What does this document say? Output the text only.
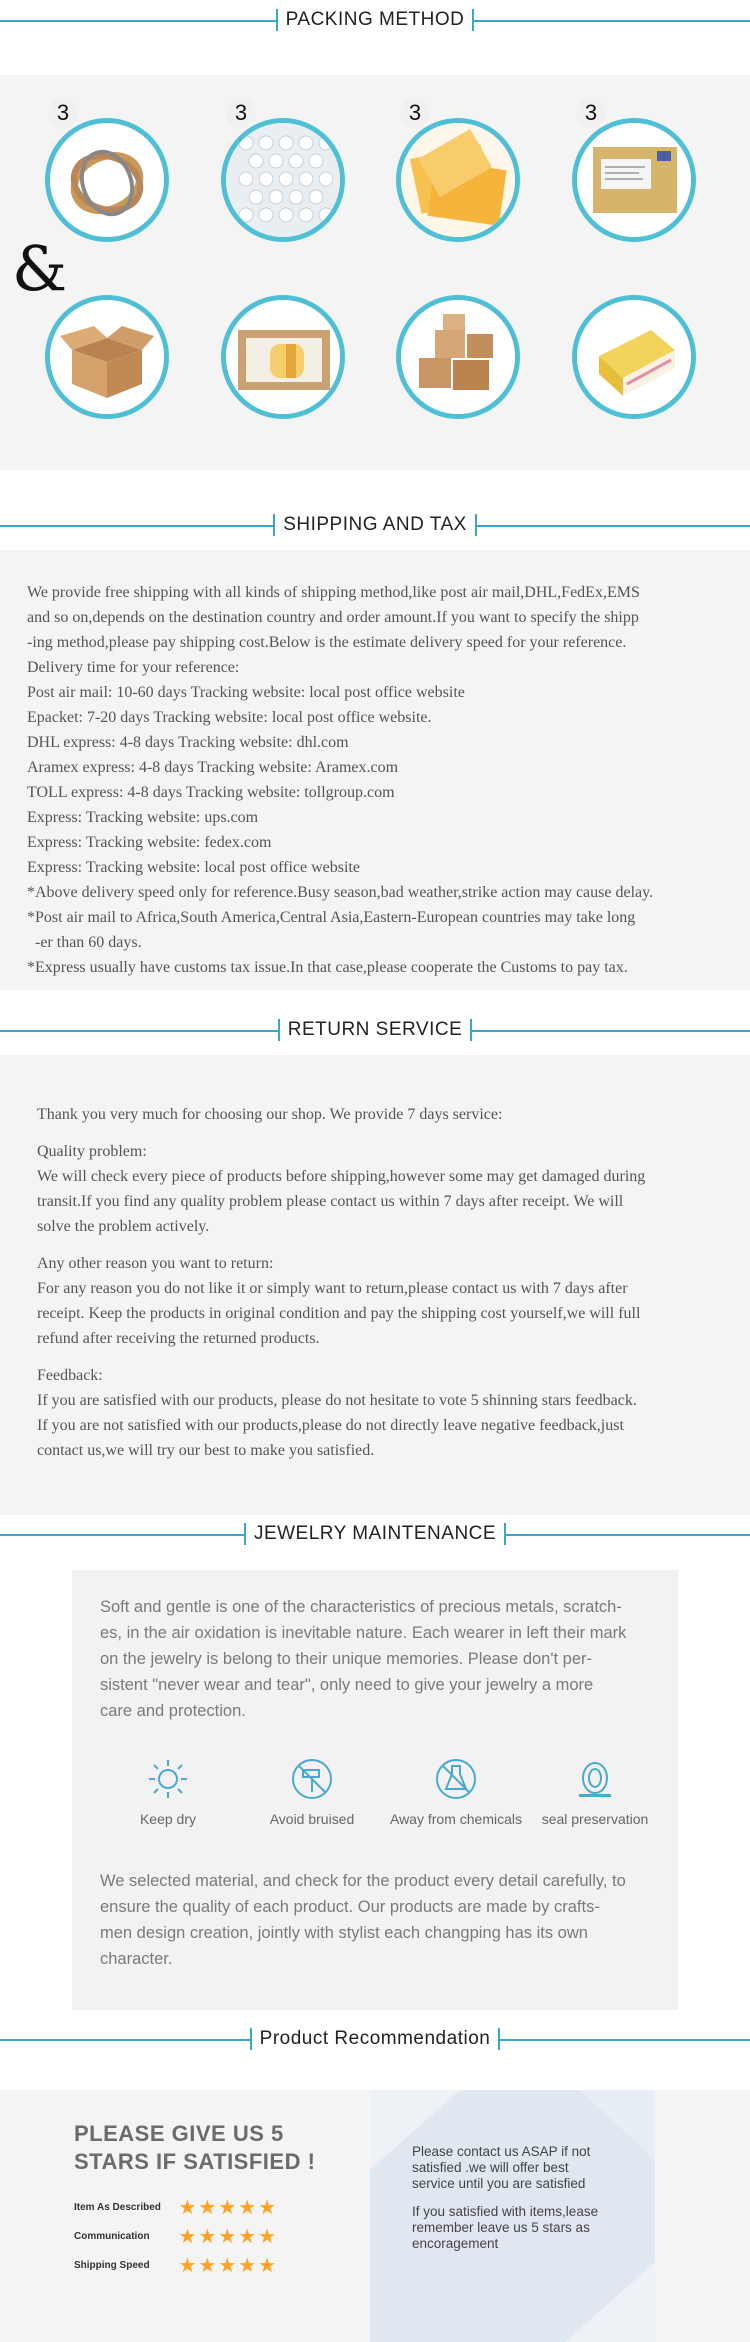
PACKING METHOD
3	3	3	3
&
SHIPPING AND TAX
We provide free shipping with all kinds of shipping method,like post air mail,DHL,FedEx,EMS
and so on,depends on the destination country and order amount.If you want to specify the shipp
-ing method,please pay shipping cost.Below is the estimate delivery speed for your reference.
Delivery time for your reference:
Post air mail: 10-60 days Tracking website: local post office website
Epacket: 7-20 days Tracking website: local post office website.
DHL express: 4-8 days Tracking website: dhl.com
Aramex express: 4-8 days Tracking website: Aramex.com
TOLL express: 4-8 days Tracking website: tollgroup.com
Express: Tracking website: ups.com
Express: Tracking website: fedex.com
Express: Tracking website: local post office website
*Above delivery speed only for reference.Busy season,bad weather,strike action may cause delay.
*Post air mail to Africa,South America,Central Asia,Eastern-European countries may take long
-er than 60 days.
*Express usually have customs tax issue.In that case,please cooperate the Customs to pay tax.
RETURN SERVICE
Thank you very much for choosing our shop. We provide 7 days service:
Quality problem:
We will check every piece of products before shipping,however some may get damaged during
transit.If you find any quality problem please contact us within 7 days after receipt. We will
solve the problem actively.
Any other reason you want to return:
For any reason you do not like it or simply want to return,please contact us with 7 days after
receipt. Keep the products in original condition and pay the shipping cost yourself,we will full
refund after receiving the returned products.
Feedback:
If you are satisfied with our products, please do not hesitate to vote 5 shinning stars feedback.
If you are not satisfied with our products,please do not directly leave negative feedback,just
contact us,we will try our best to make you satisfied.
JEWELRY MAINTENANCE
Soft and gentle is one of the characteristics of precious metals, scratch-
es, in the air oxidation is inevitable nature. Each wearer in left their mark
on the jewelry is belong to their unique memories. Please don't per-
sistent "never wear and tear", only need to give your jewelry a more
care and protection.
Keep dry	Avoid bruised	Away from chemicals	seal preservation
We selected material, and check for the product every detail carefully, to
ensure the quality of each product. Our products are made by crafts-
men design creation, jointly with stylist each changping has its own
character.
Product Recommendation
PLEASE GIVE US 5
STARS IF SATISFIED !
Item As Described ★★★★★
Communication ★★★★★
Shipping Speed ★★★★★
Please contact us ASAP if not
satisfied .we will offer best
service until you are satisfied
If you satisfied with items,lease
remember leave us 5 stars as
encoragement
